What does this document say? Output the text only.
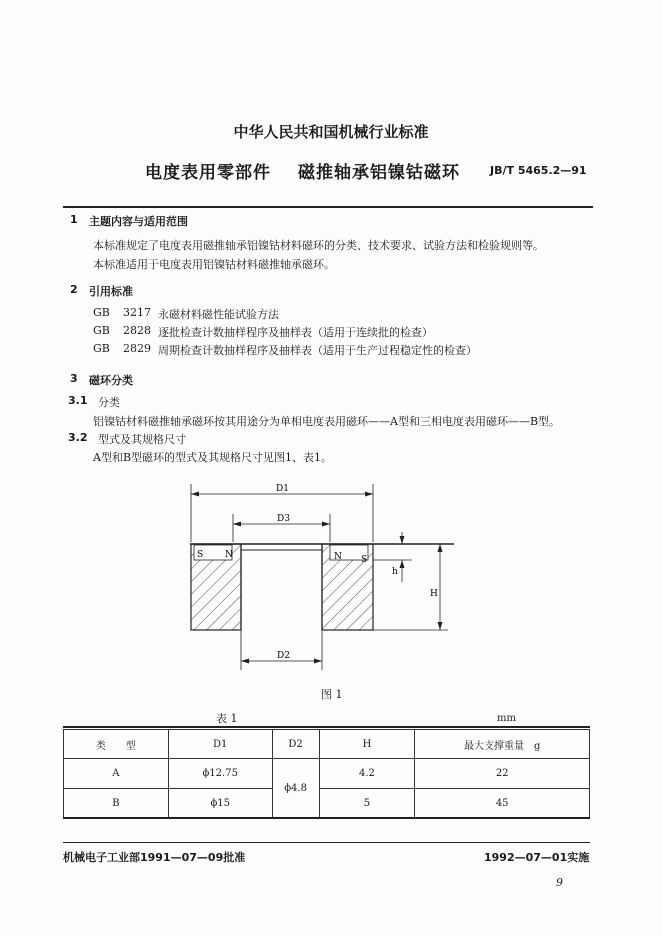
中华人民共和国机械行业标准
电度表用零部件 磁推轴承铝镍钴磁环	JB/T 5465.2—91
1 主题内容与适用范围
本标准规定了电度表用磁推轴承铝镍钴材料磁环的分类、技术要求、试验方法和检验规则等。
本标准适用于电度表用铝镍钴材料磁推轴承磁环。
2 引用标准
GB 3217 永磁材料磁性能试验方法
GB 2828 逐批检查计数抽样程序及抽样表（适用于连续批的检查）
GB 2829 周期检查计数抽样程序及抽样表（适用于生产过程稳定性的检查）
3 磁环分类
3.1 分类
铝镍钴材料磁推轴承磁环按其用途分为单相电度表用磁环——A型和三相电度表用磁环——B型。
3.2 型式及其规格尺寸
A型和B型磁环的型式及其规格尺寸见图1、表1。
S N	N S
D1
D3
D2
h
H
图 1
表 1	mm
类　　型	D1	D2	H	最大支撑重量　g
A	ϕ12.75	ϕ4.8	4.2	22
B	ϕ15		5	45
机械电子工业部1991—07—09批准	1992—07—01实施
9
